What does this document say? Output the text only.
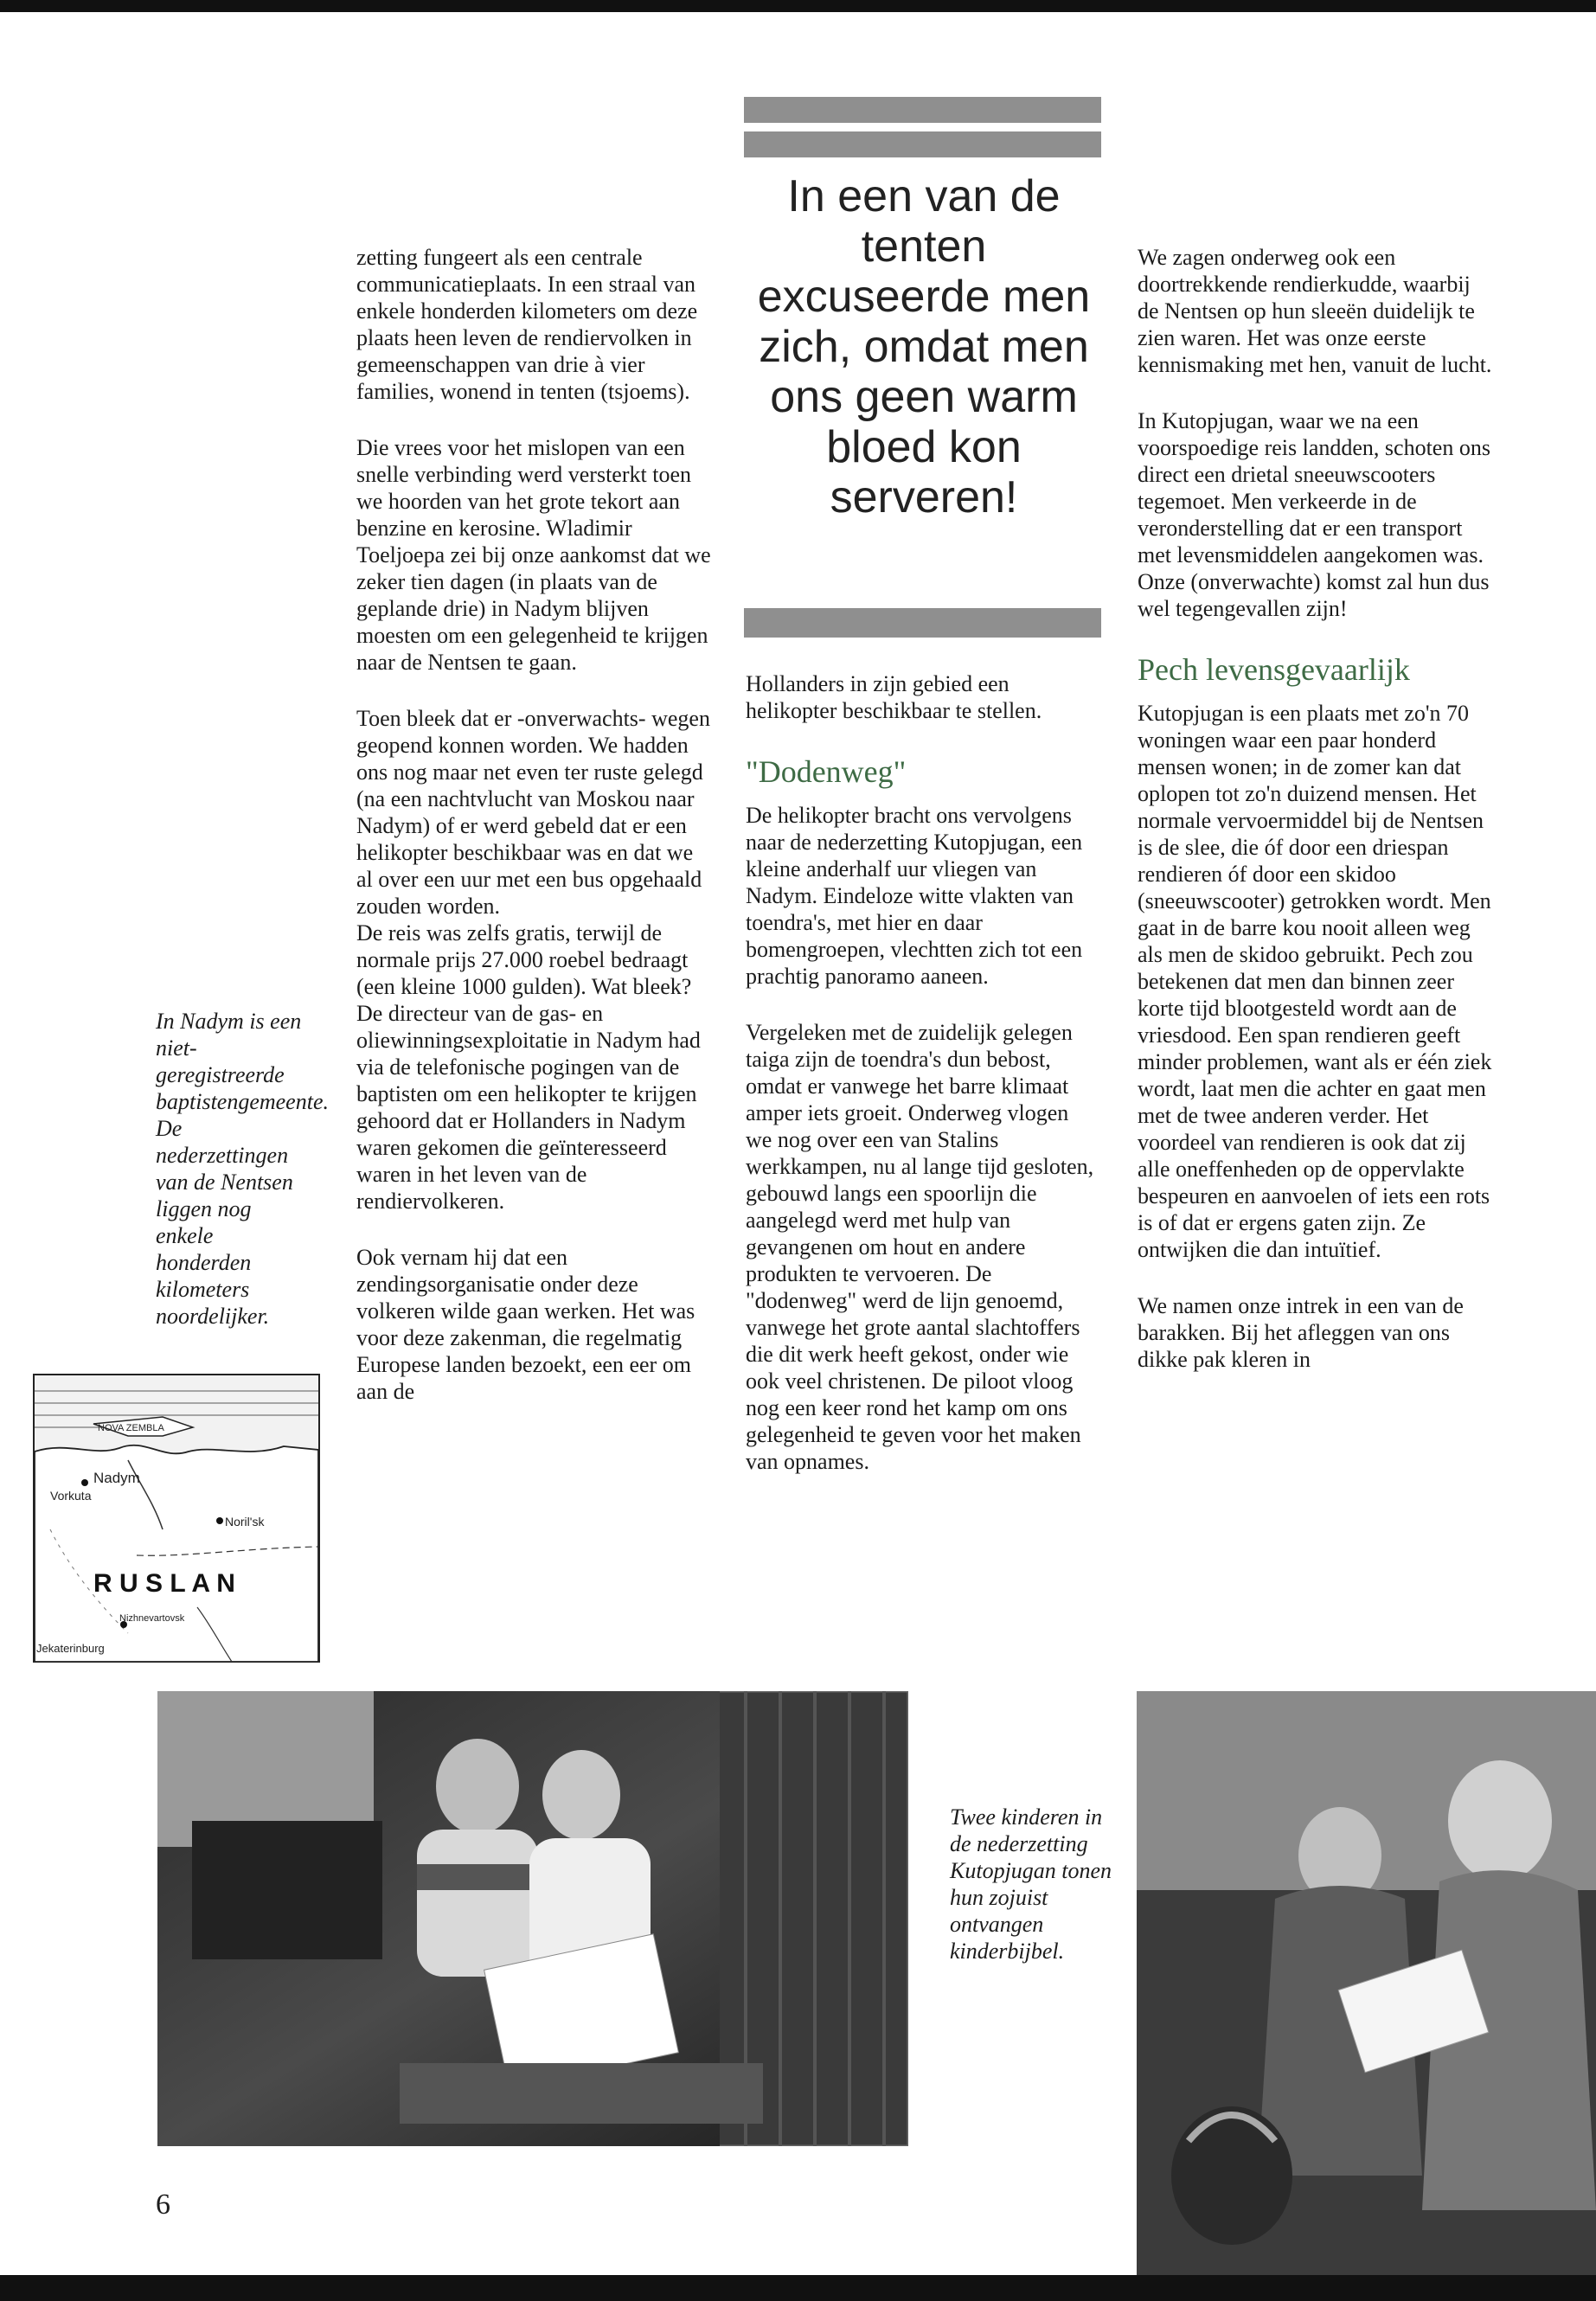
In een van de tenten excuseerde men zich, omdat men ons geen warm bloed kon serveren!

zetting fungeert als een centrale communicatieplaats. In een straal van enkele honderden kilometers om deze plaats heen leven de rendiervolken in gemeenschappen van drie à vier families, wonend in tenten (tsjoems).

Die vrees voor het mislopen van een snelle verbinding werd versterkt toen we hoorden van het grote tekort aan benzine en kerosine. Wladimir Toeljoepa zei bij onze aankomst dat we zeker tien dagen (in plaats van de geplande drie) in Nadym blijven moesten om een gelegenheid te krijgen naar de Nentsen te gaan.

Toen bleek dat er -onverwachts- wegen geopend konnen worden. We hadden ons nog maar net even ter ruste gelegd (na een nachtvlucht van Moskou naar Nadym) of er werd gebeld dat er een helikopter beschikbaar was en dat we al over een uur met een bus opgehaald zouden worden.

De reis was zelfs gratis, terwijl de normale prijs 27.000 roebel bedraagt (een kleine 1000 gulden). Wat bleek? De directeur van de gas- en oliewinningsexploitatie in Nadym had via de telefonische pogingen van de baptisten om een helikopter te krijgen gehoord dat er Hollanders in Nadym waren gekomen die geïnteresseerd waren in het leven van de rendiervolkeren.

Ook vernam hij dat een zendingsorganisatie onder deze volkeren wilde gaan werken. Het was voor deze zakenman, die regelmatig Europese landen bezoekt, een eer om aan de

Hollanders in zijn gebied een helikopter beschikbaar te stellen.

"Dodenweg"

De helikopter bracht ons vervolgens naar de nederzetting Kutopjugan, een kleine anderhalf uur vliegen van Nadym. Eindeloze witte vlakten van toendra's, met hier en daar bomengroepen, vlechtten zich tot een prachtig panoramo aaneen.

Vergeleken met de zuidelijk gelegen taiga zijn de toendra's dun bebost, omdat er vanwege het barre klimaat amper iets groeit. Onderweg vlogen we nog over een van Stalins werkkampen, nu al lange tijd gesloten, gebouwd langs een spoorlijn die aangelegd werd met hulp van gevangenen om hout en andere produkten te vervoeren. De "dodenweg" werd de lijn genoemd, vanwege het grote aantal slachtoffers die dit werk heeft gekost, onder wie ook veel christenen. De piloot vloog nog een keer rond het kamp om ons gelegenheid te geven voor het maken van opnames.

We zagen onderweg ook een doortrekkende rendierkudde, waarbij de Nentsen op hun sleeën duidelijk te zien waren. Het was onze eerste kennismaking met hen, vanuit de lucht.

In Kutopjugan, waar we na een voorspoedige reis landden, schoten ons direct een drietal sneeuwscooters tegemoet. Men verkeerde in de veronderstelling dat er een transport met levensmiddelen aangekomen was. Onze (onverwachte) komst zal hun dus wel tegengevallen zijn!

Pech levensgevaarlijk

Kutopjugan is een plaats met zo'n 70 woningen waar een paar honderd mensen wonen; in de zomer kan dat oplopen tot zo'n duizend mensen. Het normale vervoermiddel bij de Nentsen is de slee, die óf door een driespan rendieren óf door een skidoo (sneeuwscooter) getrokken wordt. Men gaat in de barre kou nooit alleen weg als men de skidoo gebruikt. Pech zou betekenen dat men dan binnen zeer korte tijd blootgesteld wordt aan de vriesdood. Een span rendieren geeft minder problemen, want als er één ziek wordt, laat men die achter en gaat men met de twee anderen verder. Het voordeel van rendieren is ook dat zij alle oneffenheden op de oppervlakte bespeuren en aanvoelen of iets een rots is of dat er ergens gaten zijn. Ze ontwijken die dan intuïtief.

We namen onze intrek in een van de barakken. Bij het afleggen van ons dikke pak kleren in

In Nadym is een niet-geregistreerde baptistengemeente. De nederzettingen van de Nentsen liggen nog enkele honderden kilometers noordelijker.
Twee kinderen in de nederzetting Kutopjugan tonen hun zojuist ontvangen kinderbijbel.
NOVA ZEMBLA
Nadym
Vorkuta
Noril'sk
R U S L A N
Nizhnevartovsk
Jekaterinburg
6
